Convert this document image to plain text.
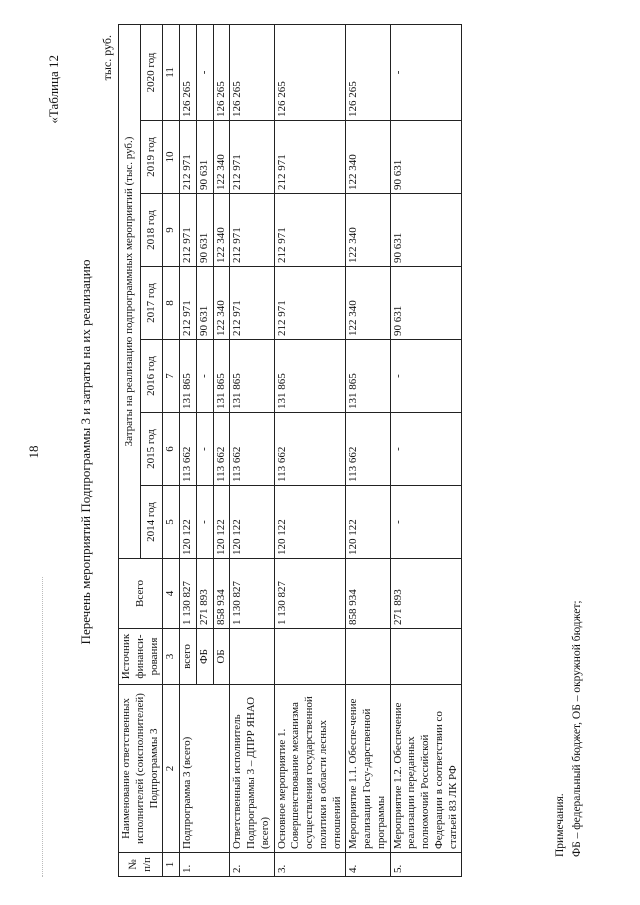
18
«Таблица 12
Перечень мероприятий Подпрограммы 3 и затраты на их реализацию
тыс. руб.
№ п/п	Наименование ответственных исполнителей (соисполнителей) Подпрограммы 3	Источник финанси-рования	Всего	Затраты на реализацию подпрограммных мероприятий (тыс. руб.)						
				2014 год	2015 год	2016 год	2017 год	2018 год	2019 год	2020 год
1	2	3	4	5	6	7	8	9	10	11
1.	Подпрограмма 3 (всего)	всего	1 130 827	120 122	113 662	131 865	212 971	212 971	212 971	126 265
		ФБ	271 893	-	-	-	90 631	90 631	90 631	-
		ОБ	858 934	120 122	113 662	131 865	122 340	122 340	122 340	126 265
2.	Ответственный исполнитель Подпрограммы 3 – ДПРР ЯНАО (всего)		1 130 827	120 122	113 662	131 865	212 971	212 971	212 971	126 265
3.	Основное мероприятие 1. Совершенствование механизма осуществления государственной политики в области лесных отношений		1 130 827	120 122	113 662	131 865	212 971	212 971	212 971	126 265
4.	Мероприятие 1.1. Обеспе-чение реализации Госу-дарственной программы		858 934	120 122	113 662	131 865	122 340	122 340	122 340	126 265
5.	Мероприятие 1.2. Обеспечение реализации переданных полномочий Российской Федерации в соответствии со статьей 83 ЛК РФ		271 893	-	-	-	90 631	90 631	90 631	-
Примечания. ФБ – федеральный бюджет, ОБ – окружной бюджет;
